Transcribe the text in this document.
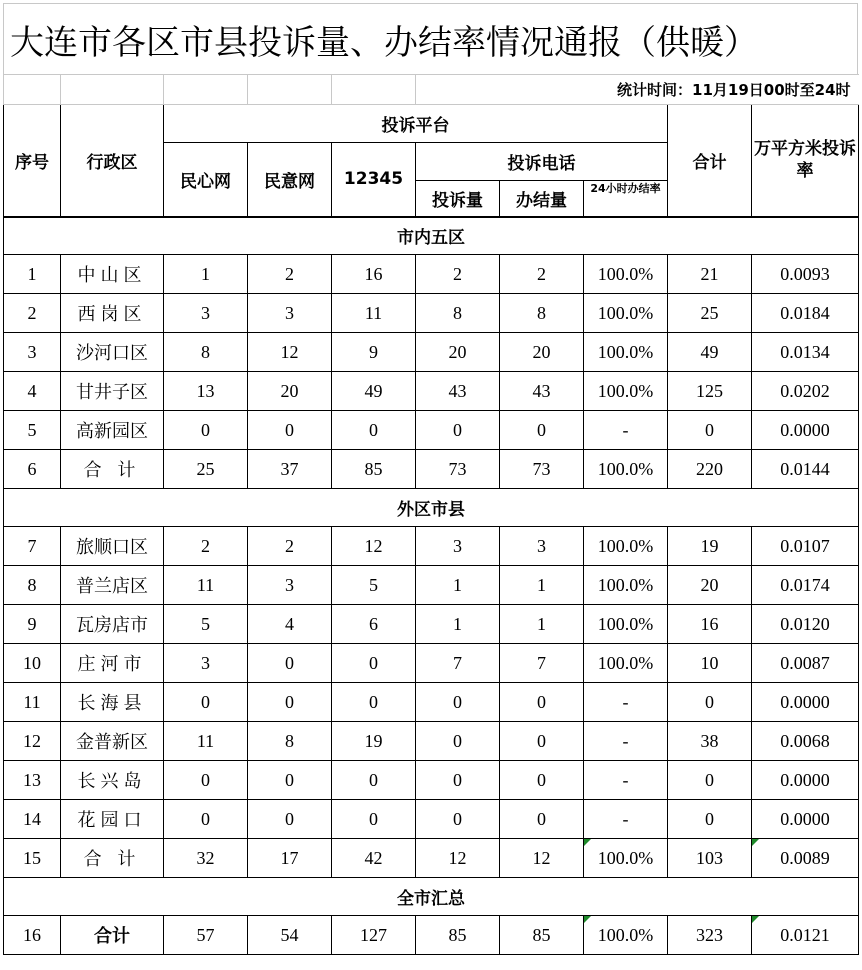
大连市各区市县投诉量、办结率情况通报（供暖）
					统计时间：11月19日00时至24时				
序号	行政区	投诉平台						合计	万平方米投诉率
		民心网	民意网	12345	投诉电话				
					投诉量	办结量	24小时办结率		
市内五区									
1	中山区	1	2	16	2	2	100.0%	21	0.0093
2	西岗区	3	3	11	8	8	100.0%	25	0.0184
3	沙河口区	8	12	9	20	20	100.0%	49	0.0134
4	甘井子区	13	20	49	43	43	100.0%	125	0.0202
5	高新园区	0	0	0	0	0	-	0	0.0000
6	合 计	25	37	85	73	73	100.0%	220	0.0144
外区市县									
7	旅顺口区	2	2	12	3	3	100.0%	19	0.0107
8	普兰店区	11	3	5	1	1	100.0%	20	0.0174
9	瓦房店市	5	4	6	1	1	100.0%	16	0.0120
10	庄河市	3	0	0	7	7	100.0%	10	0.0087
11	长海县	0	0	0	0	0	-	0	0.0000
12	金普新区	11	8	19	0	0	-	38	0.0068
13	长兴岛	0	0	0	0	0	-	0	0.0000
14	花园口	0	0	0	0	0	-	0	0.0000
15	合 计	32	17	42	12	12	100.0%	103	0.0089
全市汇总									
16	合计	57	54	127	85	85	100.0%	323	0.0121
